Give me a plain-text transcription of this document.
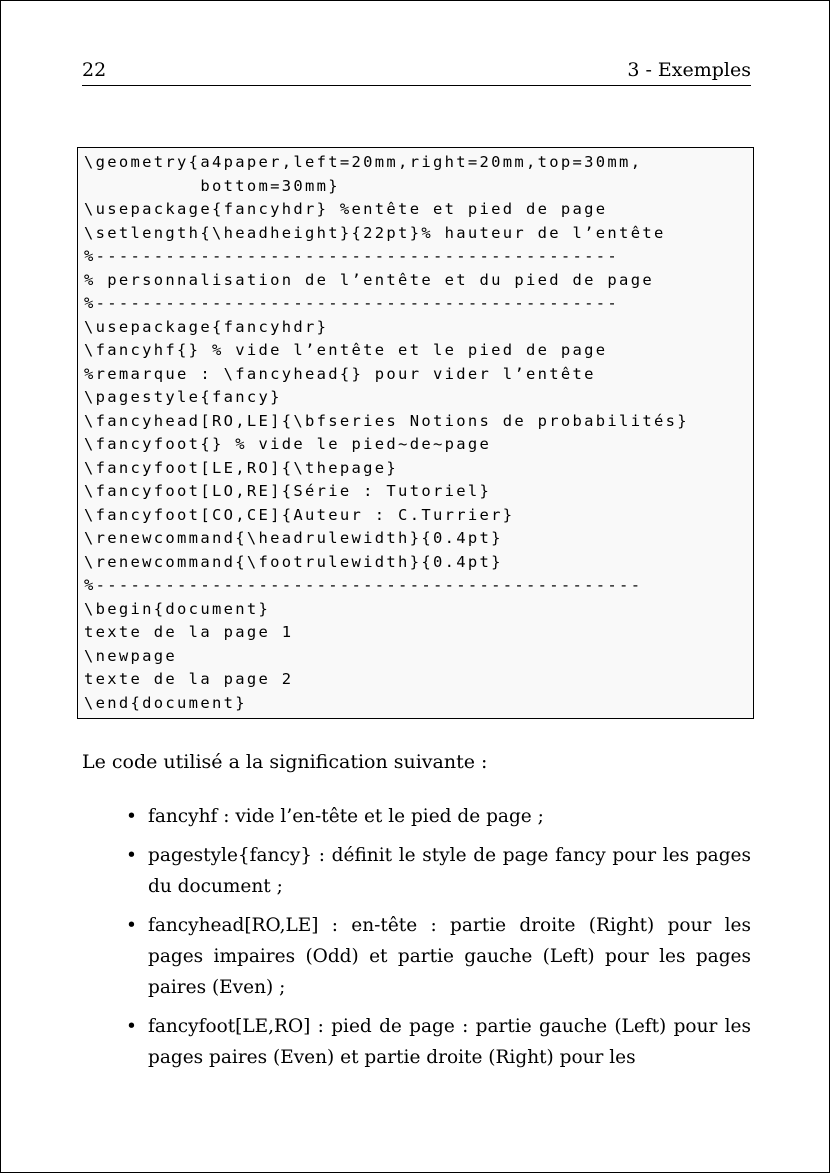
22	3 - Exemples
\geometry{a4paper,left=20mm,right=20mm,top=30mm,
bottom=30mm}
\usepackage{fancyhdr} %entête et pied de page
\setlength{\headheight}{22pt}% hauteur de l’entête
%---------------------------------------------
% personnalisation de l’entête et du pied de page
%---------------------------------------------
\usepackage{fancyhdr}
\fancyhf{} % vide l’entête et le pied de page
%remarque : \fancyhead{} pour vider l’entête
\pagestyle{fancy}
\fancyhead[RO,LE]{\bfseries Notions de probabilités}
\fancyfoot{} % vide le pied~de~page
\fancyfoot[LE,RO]{\thepage}
\fancyfoot[LO,RE]{Série : Tutoriel}
\fancyfoot[CO,CE]{Auteur : C.Turrier}
\renewcommand{\headrulewidth}{0.4pt}
\renewcommand{\footrulewidth}{0.4pt}
%-----------------------------------------------
\begin{document}
texte de la page 1
\newpage
texte de la page 2
\end{document}
Le code utilisé a la signification suivante :
• fancyhf : vide l’en-tête et le pied de page ;
• pagestyle{fancy} : définit le style de page fancy pour les pages du document ;
• fancyhead[RO,LE] : en-tête : partie droite (Right) pour les pages impaires (Odd) et partie gauche (Left) pour les pages paires (Even) ;
• fancyfoot[LE,RO] : pied de page : partie gauche (Left) pour les pages paires (Even) et partie droite (Right) pour les
